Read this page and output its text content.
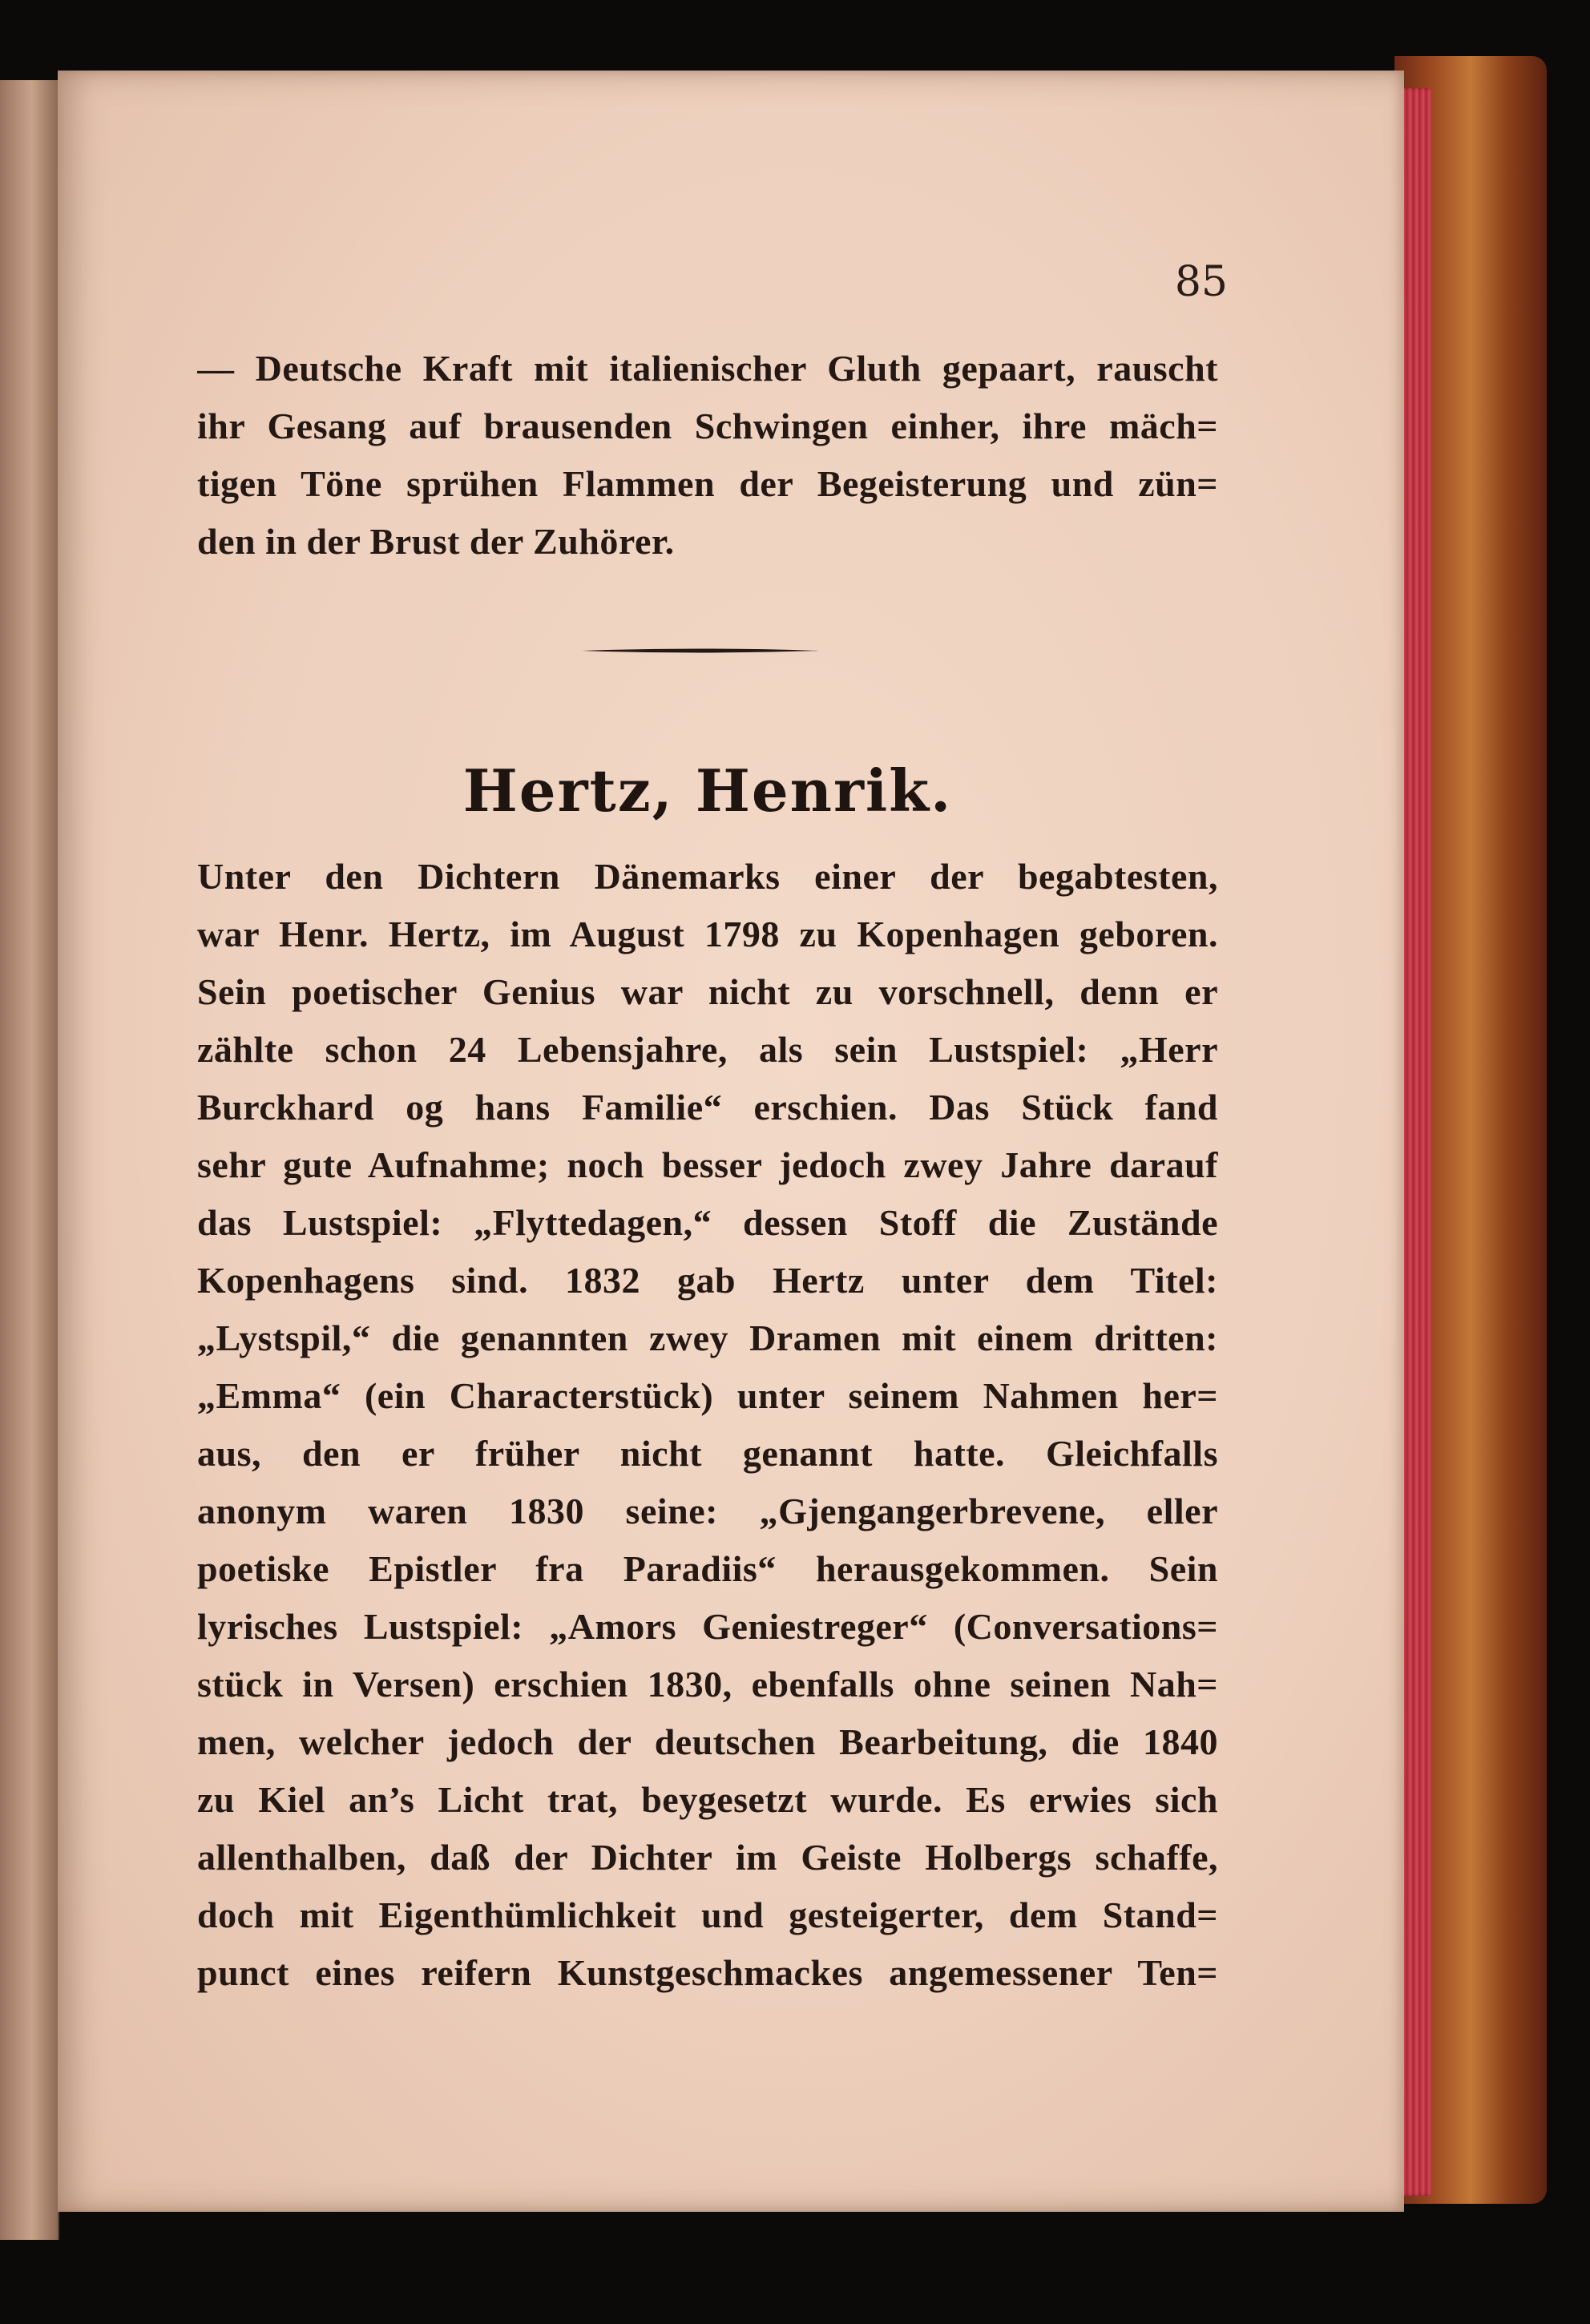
85
— Deutsche Kraft mit italienischer Gluth gepaart, rauscht
ihr Gesang auf brausenden Schwingen einher, ihre mäch=
tigen Töne sprühen Flammen der Begeisterung und zün=
den in der Brust der Zuhörer.
Hertz, Henrik.
Unter den Dichtern Dänemarks einer der begabtesten,
war Henr. Hertz, im August 1798 zu Kopenhagen geboren.
Sein poetischer Genius war nicht zu vorschnell, denn er
zählte schon 24 Lebensjahre, als sein Lustspiel: „Herr
Burckhard og hans Familie“ erschien. Das Stück fand
sehr gute Aufnahme; noch besser jedoch zwey Jahre darauf
das Lustspiel: „Flyttedagen,“ dessen Stoff die Zustände
Kopenhagens sind. 1832 gab Hertz unter dem Titel:
„Lystspil,“ die genannten zwey Dramen mit einem dritten:
„Emma“ (ein Characterstück) unter seinem Nahmen her=
aus, den er früher nicht genannt hatte. Gleichfalls
anonym waren 1830 seine: „Gjengangerbrevene, eller
poetiske Epistler fra Paradiis“ herausgekommen. Sein
lyrisches Lustspiel: „Amors Geniestreger“ (Conversations=
stück in Versen) erschien 1830, ebenfalls ohne seinen Nah=
men, welcher jedoch der deutschen Bearbeitung, die 1840
zu Kiel an’s Licht trat, beygesetzt wurde. Es erwies sich
allenthalben, daß der Dichter im Geiste Holbergs schaffe,
doch mit Eigenthümlichkeit und gesteigerter, dem Stand=
punct eines reifern Kunstgeschmackes angemessener Ten=
